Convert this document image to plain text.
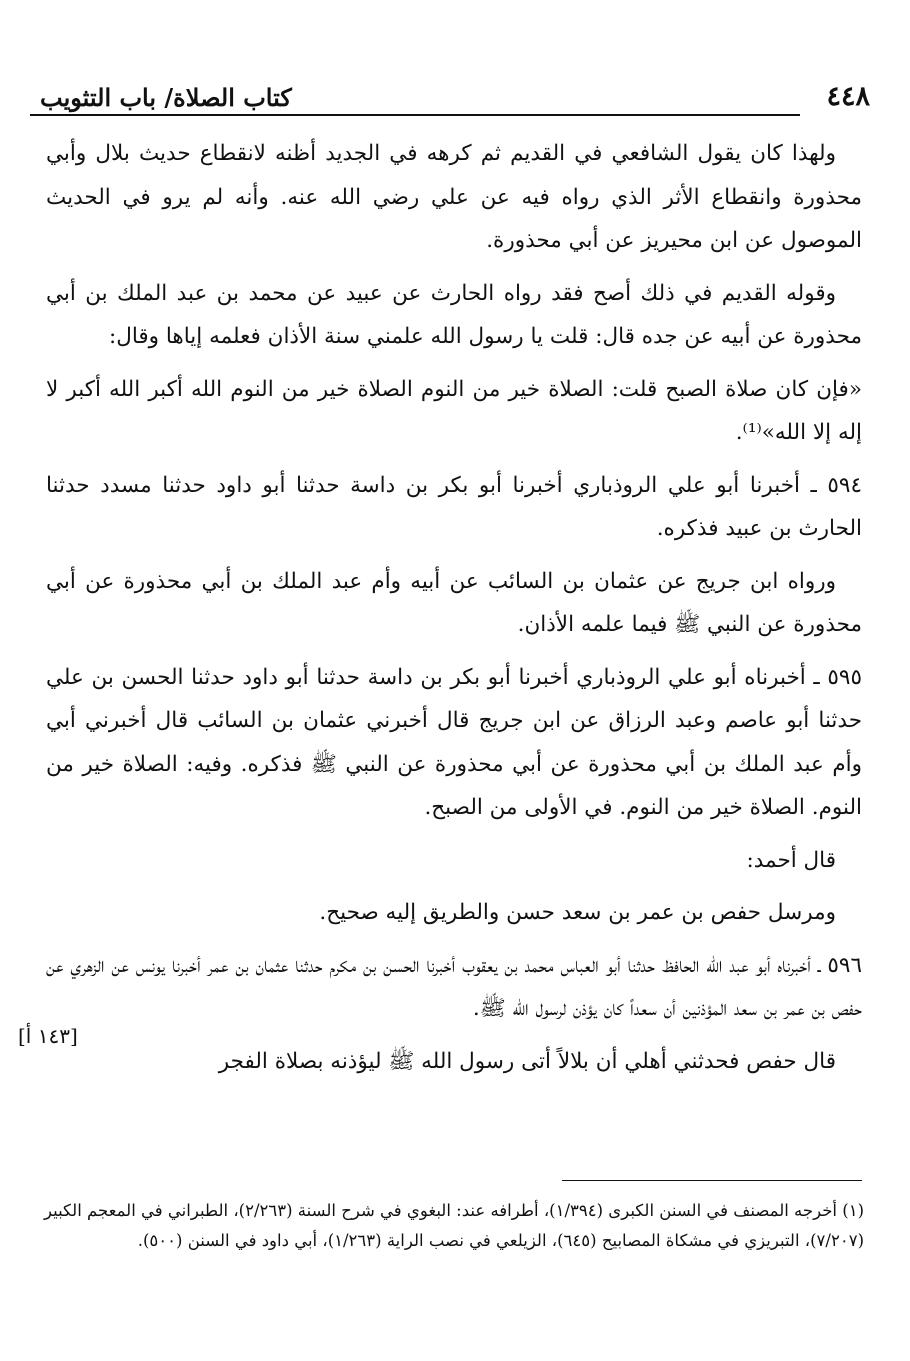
٤٤٨
كتاب الصلاة/ باب التثويب

ولهذا كان يقول الشافعي في القديم ثم كرهه في الجديد أظنه لانقطاع حديث بلال وأبي محذورة وانقطاع الأثر الذي رواه فيه عن علي رضي الله عنه. وأنه لم يرو في الحديث الموصول عن ابن محيريز عن أبي محذورة.

وقوله القديم في ذلك أصح فقد رواه الحارث عن عبيد عن محمد بن عبد الملك بن أبي محذورة عن أبيه عن جده قال: قلت يا رسول الله علمني سنة الأذان فعلمه إياها وقال:

«فإن كان صلاة الصبح قلت: الصلاة خير من النوم الصلاة خير من النوم الله أكبر الله أكبر لا إله إلا الله»⁽¹⁾.

٥٩٤ ـ أخبرنا أبو علي الروذباري أخبرنا أبو بكر بن داسة حدثنا أبو داود حدثنا مسدد حدثنا الحارث بن عبيد فذكره.

ورواه ابن جريج عن عثمان بن السائب عن أبيه وأم عبد الملك بن أبي محذورة عن أبي محذورة عن النبي ﷺ فيما علمه الأذان.

٥٩٥ ـ أخبرناه أبو علي الروذباري أخبرنا أبو بكر بن داسة حدثنا أبو داود حدثنا الحسن بن علي حدثنا أبو عاصم وعبد الرزاق عن ابن جريج قال أخبرني عثمان بن السائب قال أخبرني أبي وأم عبد الملك بن أبي محذورة عن أبي محذورة عن النبي ﷺ فذكره. وفيه: الصلاة خير من النوم. الصلاة خير من النوم. في الأولى من الصبح.

قال أحمد:

ومرسل حفص بن عمر بن سعد حسن والطريق إليه صحيح.

٥٩٦ ـ أخبرناه أبو عبد الله الحافظ حدثنا أبو العباس محمد بن يعقوب أخبرنا الحسن بن مكرم حدثنا عثمان بن عمر أخبرنا يونس عن الزهري عن حفص بن عمر بن سعد المؤذنين أن سعداً كان يؤذن لرسول الله ﷺ.

قال حفص فحدثني أهلي أن بلالاً أتى رسول الله ﷺ ليؤذنه بصلاة الفجر

[١٤٣ أ]
(١) أخرجه المصنف في السنن الكبرى (١/٣٩٤)، أطرافه عند: البغوي في شرح السنة (٢/٢٦٣)، الطبراني في المعجم الكبير (٧/٢٠٧)، التبريزي في مشكاة المصابيح (٦٤٥)، الزيلعي في نصب الراية (١/٢٦٣)، أبي داود في السنن (٥٠٠).
